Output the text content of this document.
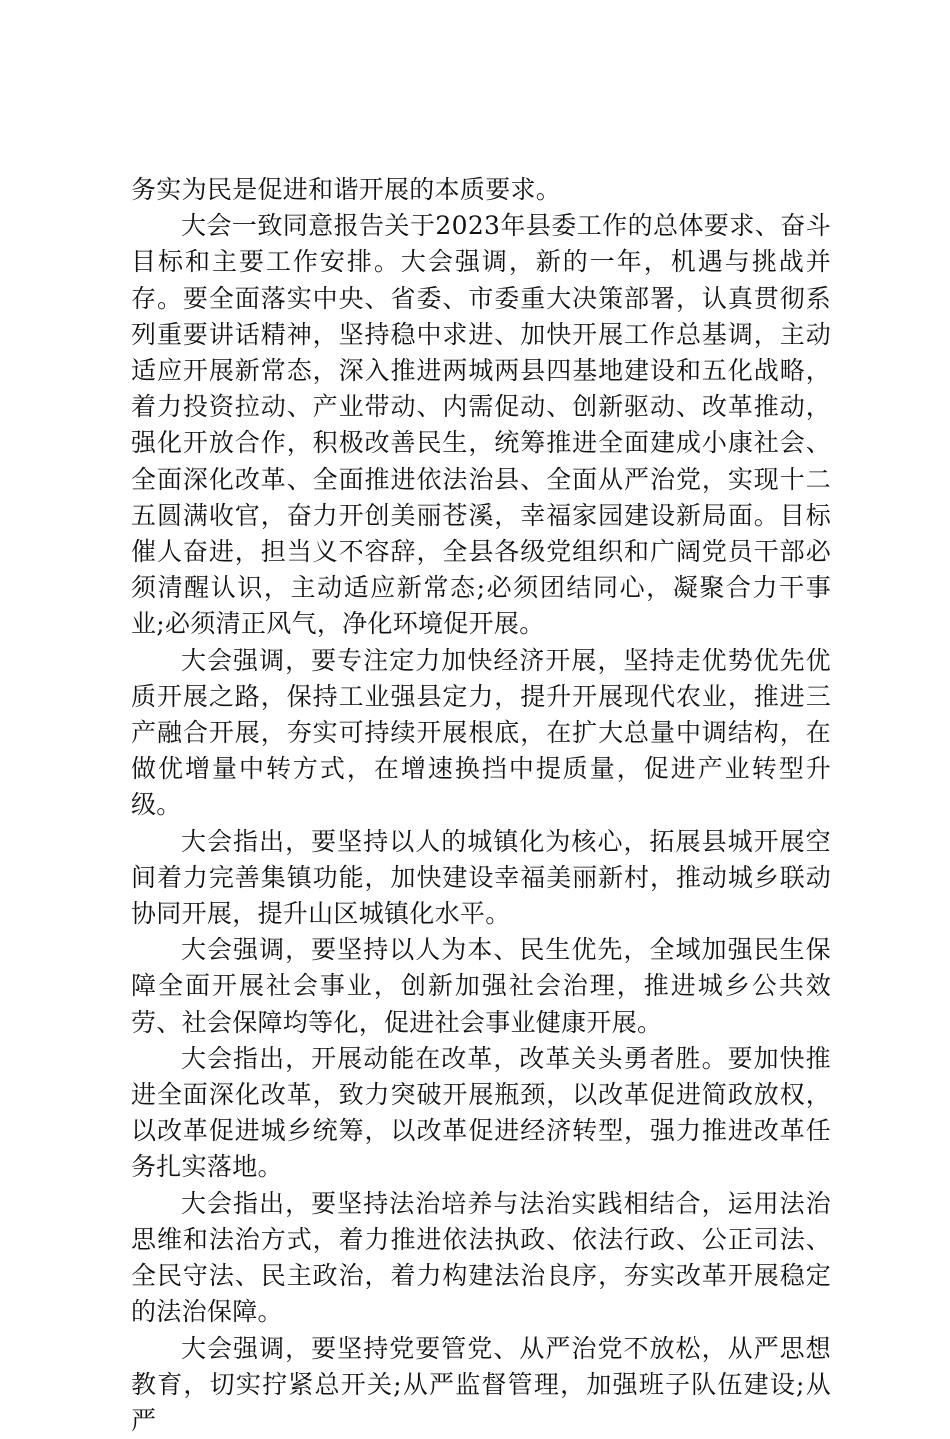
务实为民是促进和谐开展的本质要求。

大会一致同意报告关于2023年县委工作的总体要求、奋斗目标和主要工作安排。大会强调，新的一年，机遇与挑战并存。要全面落实中央、省委、市委重大决策部署，认真贯彻系列重要讲话精神，坚持稳中求进、加快开展工作总基调，主动适应开展新常态，深入推进两城两县四基地建设和五化战略，着力投资拉动、产业带动、内需促动、创新驱动、改革推动，强化开放合作，积极改善民生，统筹推进全面建成小康社会、全面深化改革、全面推进依法治县、全面从严治党，实现十二五圆满收官，奋力开创美丽苍溪，幸福家园建设新局面。目标催人奋进，担当义不容辞，全县各级党组织和广阔党员干部必须清醒认识，主动适应新常态;必须团结同心，凝聚合力干事业;必须清正风气，净化环境促开展。

大会强调，要专注定力加快经济开展，坚持走优势优先优质开展之路，保持工业强县定力，提升开展现代农业，推进三产融合开展，夯实可持续开展根底，在扩大总量中调结构，在做优增量中转方式，在增速换挡中提质量，促进产业转型升级。

大会指出，要坚持以人的城镇化为核心，拓展县城开展空间着力完善集镇功能，加快建设幸福美丽新村，推动城乡联动协同开展，提升山区城镇化水平。

大会强调，要坚持以人为本、民生优先，全域加强民生保障全面开展社会事业，创新加强社会治理，推进城乡公共效劳、社会保障均等化，促进社会事业健康开展。

大会指出，开展动能在改革，改革关头勇者胜。要加快推进全面深化改革，致力突破开展瓶颈，以改革促进简政放权，以改革促进城乡统筹，以改革促进经济转型，强力推进改革任务扎实落地。

大会指出，要坚持法治培养与法治实践相结合，运用法治思维和法治方式，着力推进依法执政、依法行政、公正司法、全民守法、民主政治，着力构建法治良序，夯实改革开展稳定的法治保障。

大会强调，要坚持党要管党、从严治党不放松，从严思想教育，切实拧紧总开关;从严监督管理，加强班子队伍建设;从严
